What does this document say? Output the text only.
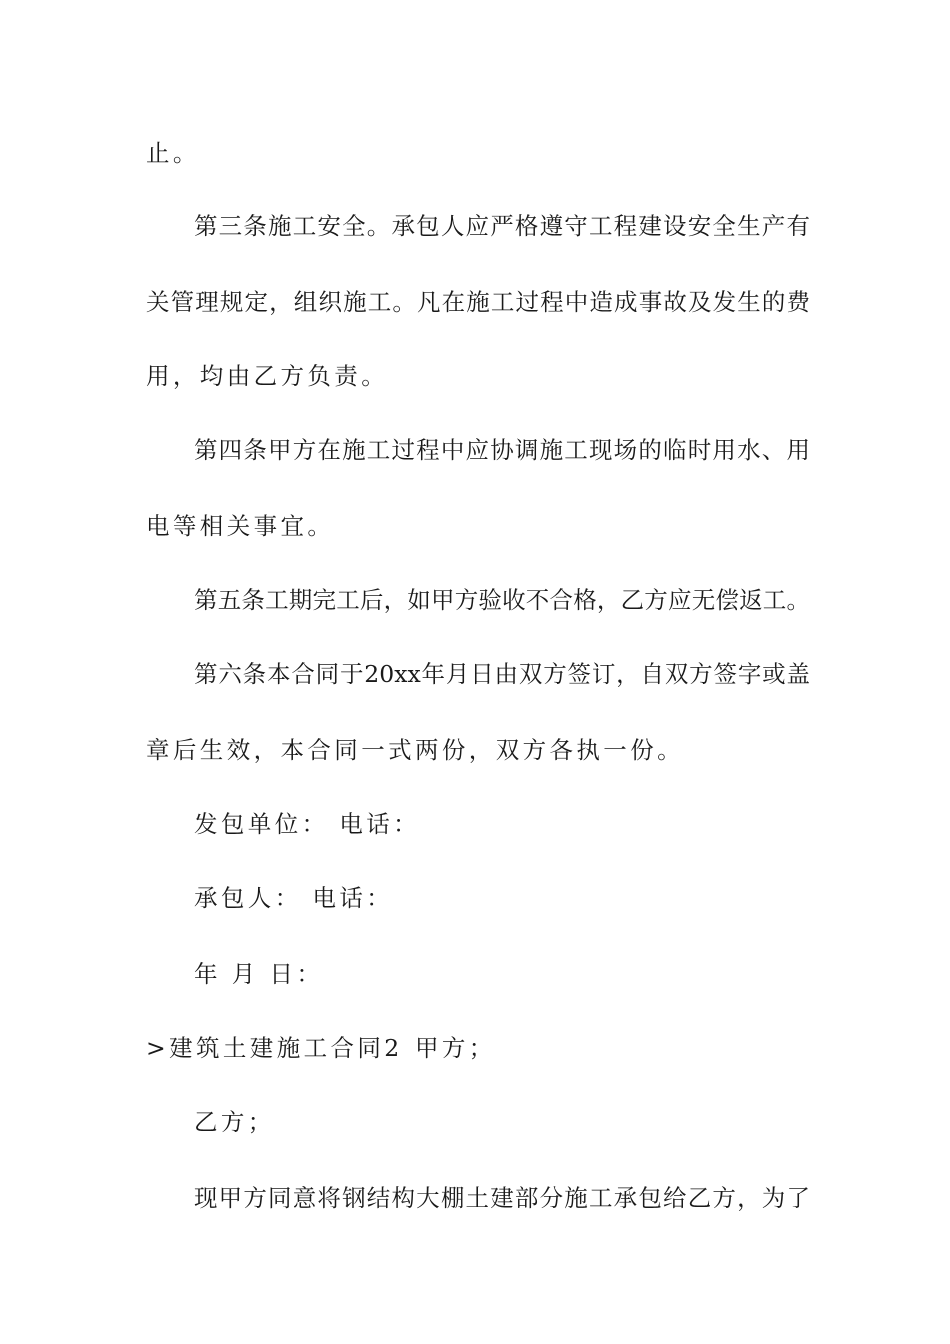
止。
第三条施工安全。承包人应严格遵守工程建设安全生产有
关管理规定，组织施工。凡在施工过程中造成事故及发生的费
用，均由乙方负责。
第四条甲方在施工过程中应协调施工现场的临时用水、用
电等相关事宜。
第五条工期完工后，如甲方验收不合格，乙方应无偿返工。
第六条本合同于20xx年月日由双方签订，自双方签字或盖
章后生效，本合同一式两份，双方各执一份。
发包单位： 电话：
承包人： 电话：
年 月 日：
>建筑土建施工合同2 甲方；
乙方；
现甲方同意将钢结构大棚土建部分施工承包给乙方，为了
